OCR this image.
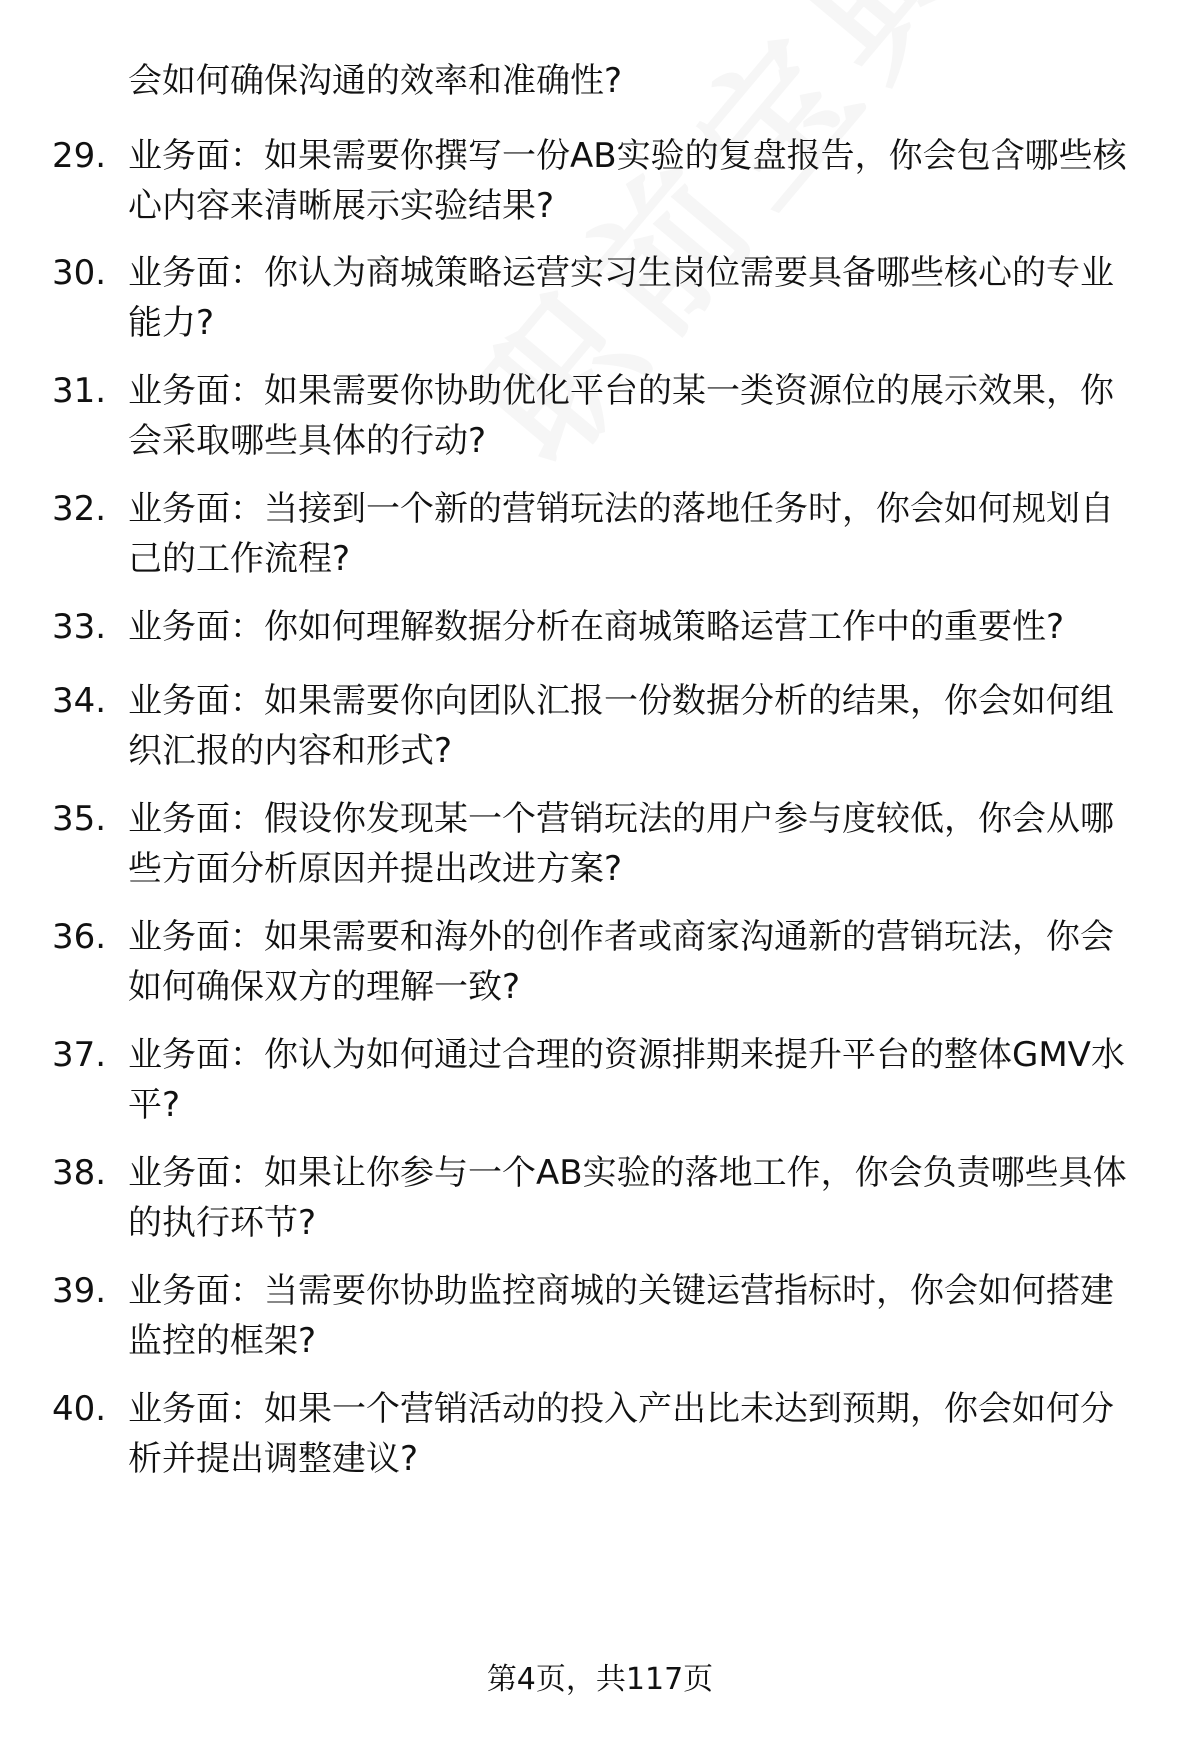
会如何确保沟通的效率和准确性?
29. 业务面：如果需要你撰写一份AB实验的复盘报告，你会包含哪些核心内容来清晰展示实验结果?
30. 业务面：你认为商城策略运营实习生岗位需要具备哪些核心的专业能力?
31. 业务面：如果需要你协助优化平台的某一类资源位的展示效果，你会采取哪些具体的行动?
32. 业务面：当接到一个新的营销玩法的落地任务时，你会如何规划自己的工作流程?
33. 业务面：你如何理解数据分析在商城策略运营工作中的重要性?
34. 业务面：如果需要你向团队汇报一份数据分析的结果，你会如何组织汇报的内容和形式?
35. 业务面：假设你发现某一个营销玩法的用户参与度较低，你会从哪些方面分析原因并提出改进方案?
36. 业务面：如果需要和海外的创作者或商家沟通新的营销玩法，你会如何确保双方的理解一致?
37. 业务面：你认为如何通过合理的资源排期来提升平台的整体GMV水平?
38. 业务面：如果让你参与一个AB实验的落地工作，你会负责哪些具体的执行环节?
39. 业务面：当需要你协助监控商城的关键运营指标时，你会如何搭建监控的框架?
40. 业务面：如果一个营销活动的投入产出比未达到预期，你会如何分析并提出调整建议?
第4页，共117页
